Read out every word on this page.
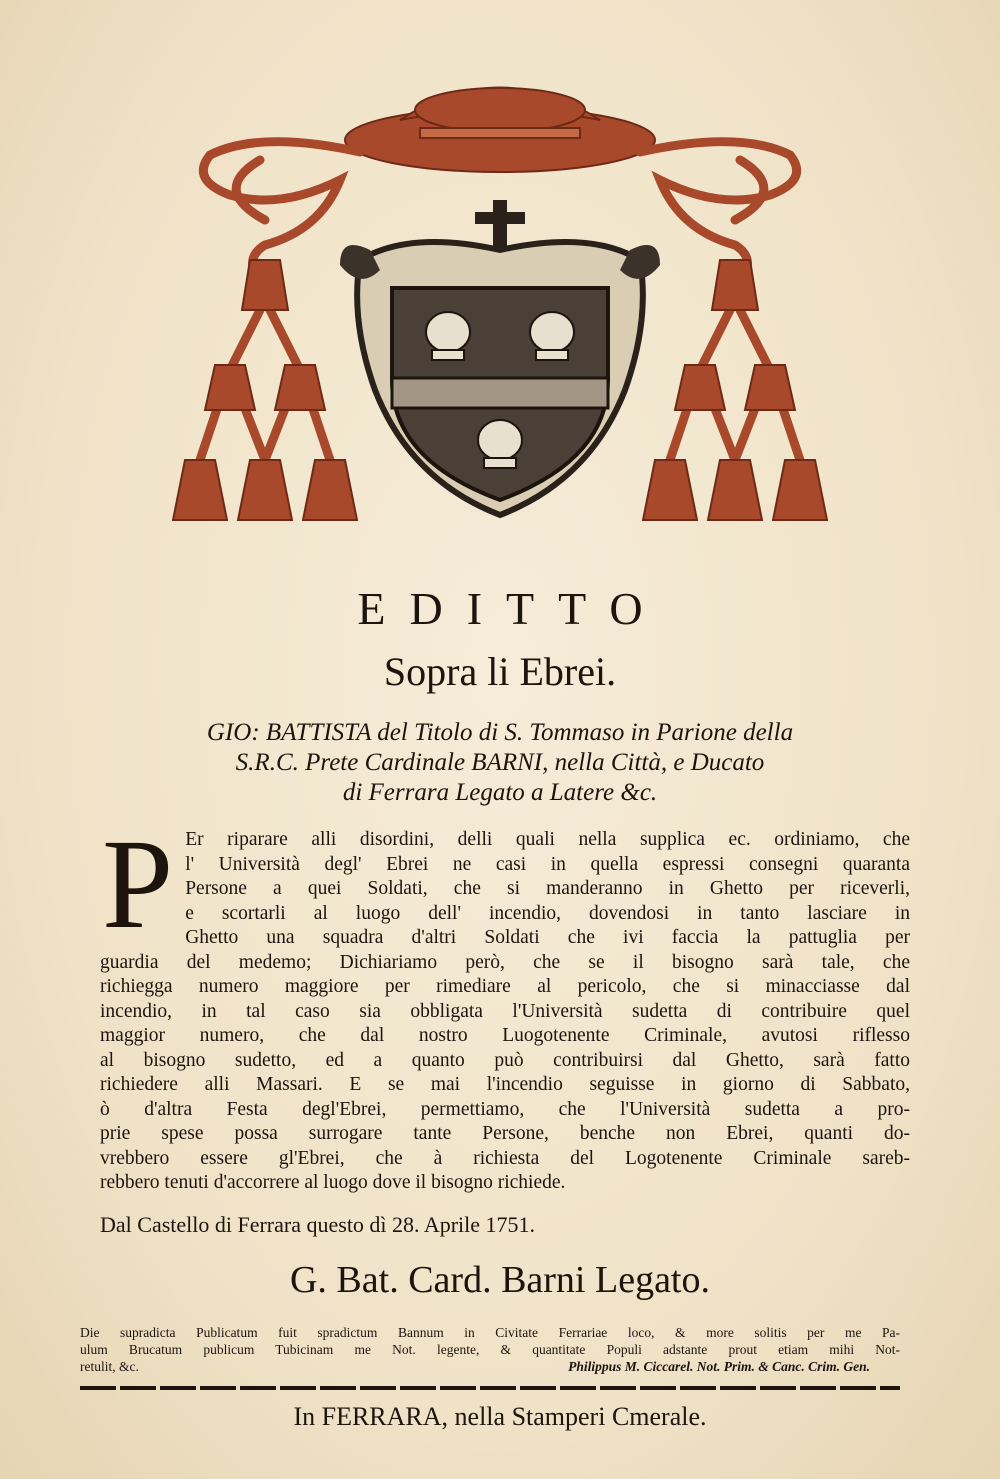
EDITTO
Sopra li Ebrei.
GIO: BATTISTA del Titolo di S. Tommaso in Parione della
S.R.C. Prete Cardinale BARNI, nella Città, e Ducato
di Ferrara Legato a Latere &c.
P Er riparare alli disordini, delli quali nella supplica ec. ordiniamo, che
l' Università degl' Ebrei ne casi in quella espressi consegni quaranta
Persone a quei Soldati, che si manderanno in Ghetto per riceverli,
e scortarli al luogo dell' incendio, dovendosi in tanto lasciare in
Ghetto una squadra d'altri Soldati che ivi faccia la pattuglia per
guardia del medemo; Dichiariamo però, che se il bisogno sarà tale, che
richiegga numero maggiore per rimediare al pericolo, che si minacciasse dal
incendio, in tal caso sia obbligata l'Università sudetta di contribuire quel
maggior numero, che dal nostro Luogotenente Criminale, avutosi riflesso
al bisogno sudetto, ed a quanto può contribuirsi dal Ghetto, sarà fatto
richiedere alli Massari. E se mai l'incendio seguisse in giorno di Sabbato,
ò d'altra Festa degl'Ebrei, permettiamo, che l'Università sudetta a pro-
prie spese possa surrogare tante Persone, benche non Ebrei, quanti do-
vrebbero essere gl'Ebrei, che à richiesta del Logotenente Criminale sareb-
rebbero tenuti d'accorrere al luogo dove il bisogno richiede.
Dal Castello di Ferrara questo dì 28. Aprile 1751.
G. Bat. Card. Barni Legato.
Die supradicta Publicatum fuit spradictum Bannum in Civitate Ferrariae loco, & more solitis per me Pa-
ulum Brucatum publicum Tubicinam me Not. legente, & quantitate Populi adstante prout etiam mihi Not-
retulit, &c.	Philippus M. Ciccarel. Not. Prim. & Canc. Crim. Gen.
In FERRARA, nella Stamperi Cmerale.
